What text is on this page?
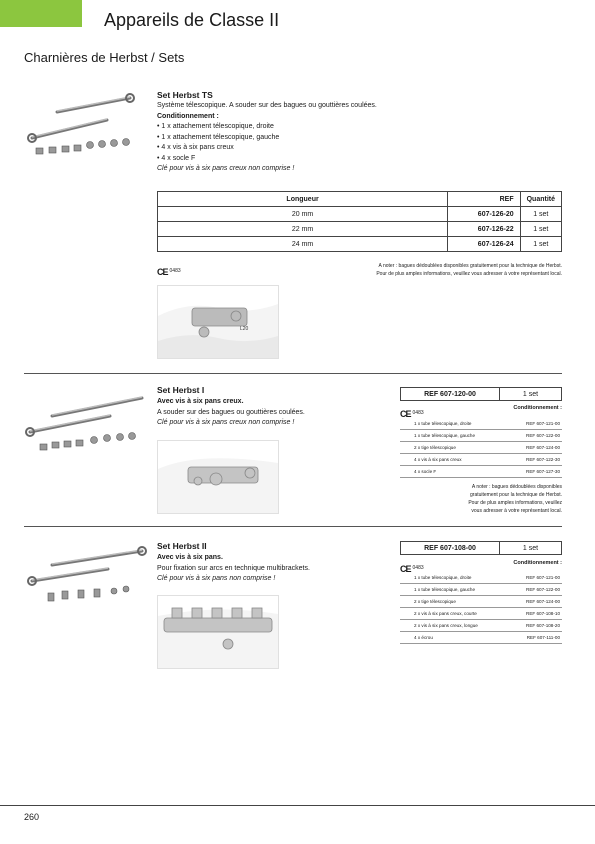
Appareils de Classe II
Charnières de Herbst / Sets
Set Herbst TS
Système télescopique. A souder sur des bagues ou gouttières coulées.
Conditionnement :
• 1 x attachement télescopique, droite
• 1 x attachement télescopique, gauche
• 4 x vis à six pans creux
• 4 x socle F
Clé pour vis à six pans creux non comprise !
Longueur	REF	Quantité
20 mm	607-126-20	1 set
22 mm	607-126-22	1 set
24 mm	607-126-24	1 set
CE 0483
A noter : bagues dédoublées disponibles gratuitement pour la technique de Herbst.
Pour de plus amples informations, veuillez vous adresser à votre représentant local.
L20
Set Herbst I
Avec vis à six pans creux.
A souder sur des bagues ou gouttières coulées.
Clé pour vis à six pans creux non comprise !
REF 607-120-00	1 set
CE 0483
Conditionnement :
1 x tube télescopique, droite	REF 607-121-00
1 x tube télescopique, gauche	REF 607-122-00
2 x tige télescopique	REF 607-124-00
4 x vis à six pans creux	REF 607-122-30
4 x socle F	REF 607-127-30
A noter : bagues dédoublées disponibles
gratuitement pour la technique de Herbst.
Pour de plus amples informations, veuillez
vous adresser à votre représentant local.
Set Herbst II
Avec vis à six pans.
Pour fixation sur arcs en technique multibrackets.
Clé pour vis à six pans non comprise !
REF 607-108-00	1 set
CE 0483
Conditionnement :
1 x tube télescopique, droite	REF 607-121-00
1 x tube télescopique, gauche	REF 607-122-00
2 x tige télescopique	REF 607-124-00
2 x vis à six pans creux, courte	REF 607-108-10
2 x vis à six pans creux, longue	REF 607-108-20
4 x écrou	REF 607-111-00
260
